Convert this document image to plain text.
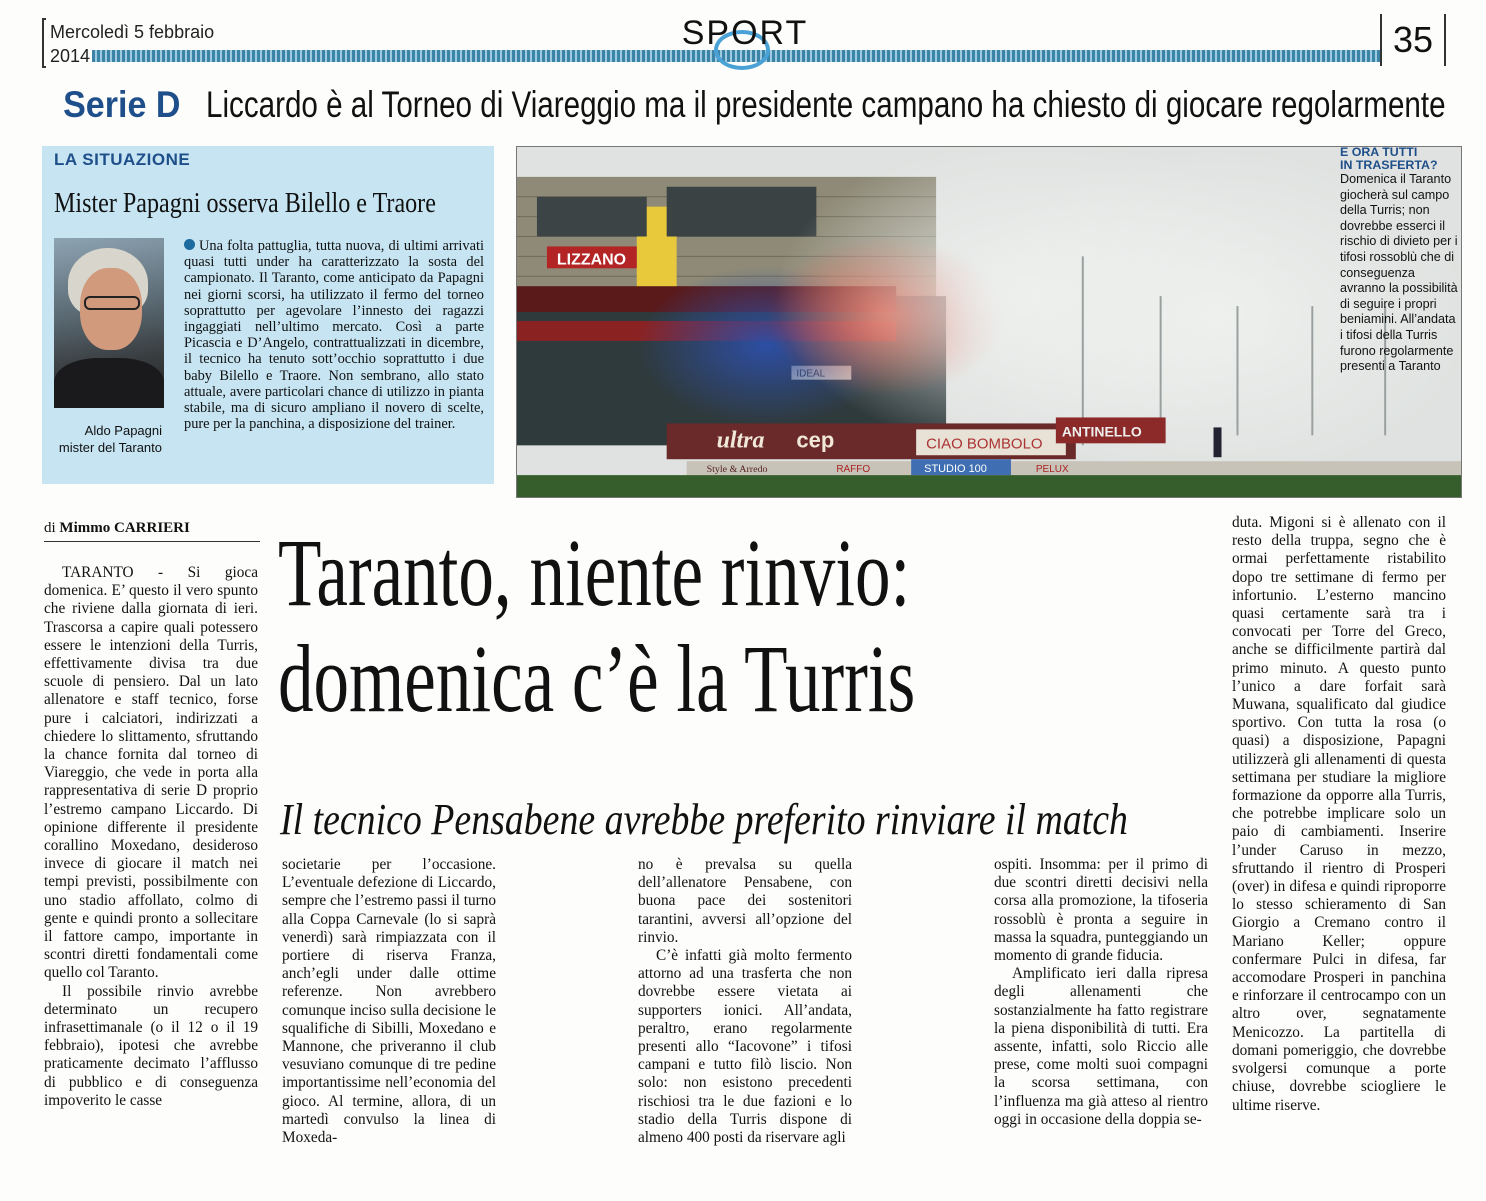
Mercoledì 5 febbraio
2014
SPORT	35
Serie D Liccardo è al Torneo di Viareggio ma il presidente campano ha chiesto di giocare regolarmente
LA SITUAZIONE
Mister Papagni osserva Bilello e Traore
Aldo Papagni
mister del Taranto
Una folta pattuglia, tutta nuova, di ultimi arrivati quasi tutti under ha caratterizzato la sosta del campionato. Il Taranto, come anticipato da Papagni nei giorni scorsi, ha utilizzato il fermo del torneo soprattutto per agevolare l’innesto dei ragazzi ingaggiati nell’ultimo mercato. Così a parte Picascia e D’Angelo, contrattualizzati in dicembre, il tecnico ha tenuto sott’occhio soprattutto i due baby Bilello e Traore. Non sembrano, allo stato attuale, avere particolari chance di utilizzo in pianta stabile, ma di sicuro ampliano il novero di scelte, pure per la panchina, a disposizione del trainer.
LIZZANO
ultra cep	CIAO BOMBOLO
ANTINELLO
Style & Arredo	STUDIO 100	PELUX
RAFFO
E ORA TUTTI
IN TRASFERTA?
Domenica il Taranto giocherà sul campo della Turris; non dovrebbe esserci il rischio di divieto per i tifosi rossoblù che di conseguenza avranno la possibilità di seguire i propri beniamini. All’andata i tifosi della Turris furono regolarmente presenti a Taranto
di Mimmo CARRIERI Taranto, niente rinvio:
domenica c’è la Turris
Il tecnico Pensabene avrebbe preferito rinviare il match

TARANTO - Si gioca domenica. E’ questo il vero spunto che riviene dalla giornata di ieri. Trascorsa a capire quali potessero essere le intenzioni della Turris, effettivamente divisa tra due scuole di pensiero. Dal un lato allenatore e staff tecnico, forse pure i calciatori, indirizzati a chiedere lo slittamento, sfruttando la chance fornita dal torneo di Viareggio, che vede in porta alla rappresentativa di serie D proprio l’estremo campano Liccardo. Di opinione differente il presidente corallino Moxedano, desideroso invece di giocare il match nei tempi previsti, possibilmente con uno stadio affollato, colmo di gente e quindi pronto a sollecitare il fattore campo, importante in scontri diretti fondamentali come quello col Taranto.

Il possibile rinvio avrebbe determinato un recupero infrasettimanale (o il 12 o il 19 febbraio), ipotesi che avrebbe praticamente decimato l’afflusso di pubblico e di conseguenza impoverito le casse

societarie per l’occasione. L’eventuale defezione di Liccardo, sempre che l’estremo passi il turno alla Coppa Carnevale (lo si saprà venerdì) sarà rimpiazzata con il portiere di riserva Franza, anch’egli under dalle ottime referenze. Non avrebbero comunque inciso sulla decisione le squalifiche di Sibilli, Moxedano e Mannone, che priveranno il club vesuviano comunque di tre pedine importantissime nell’economia del gioco. Al termine, allora, di un martedì convulso la linea di Moxeda-

no è prevalsa su quella dell’allenatore Pensabene, con buona pace dei sostenitori tarantini, avversi all’opzione del rinvio.

C’è infatti già molto fermento attorno ad una trasferta che non dovrebbe essere vietata ai supporters ionici. All’andata, peraltro, erano regolarmente presenti allo “Iacovone” i tifosi campani e tutto filò liscio. Non solo: non esistono precedenti rischiosi tra le due fazioni e lo stadio della Turris dispone di almeno 400 posti da riservare agli

ospiti. Insomma: per il primo di due scontri diretti decisivi nella corsa alla promozione, la tifoseria rossoblù è pronta a seguire in massa la squadra, punteggiando un momento di grande fiducia.

Amplificato ieri dalla ripresa degli allenamenti che sostanzialmente ha fatto registrare la piena disponibilità di tutti. Era assente, infatti, solo Riccio alle prese, come molti suoi compagni la scorsa settimana, con l’influenza ma già atteso al rientro oggi in occasione della doppia se-

duta. Migoni si è allenato con il resto della truppa, segno che è ormai perfettamente ristabilito dopo tre settimane di fermo per infortunio. L’esterno mancino quasi certamente sarà tra i convocati per Torre del Greco, anche se difficilmente partirà dal primo minuto. A questo punto l’unico a dare forfait sarà Muwana, squalificato dal giudice sportivo. Con tutta la rosa (o quasi) a disposizione, Papagni utilizzerà gli allenamenti di questa settimana per studiare la migliore formazione da opporre alla Turris, che potrebbe implicare solo un paio di cambiamenti. Inserire l’under Caruso in mezzo, sfruttando il rientro di Prosperi (over) in difesa e quindi riproporre lo stesso schieramento di San Giorgio a Cremano contro il Mariano Keller; oppure confermare Pulci in difesa, far accomodare Prosperi in panchina e rinforzare il centrocampo con un altro over, segnatamente Menicozzo. La partitella di domani pomeriggio, che dovrebbe svolgersi comunque a porte chiuse, dovrebbe sciogliere le ultime riserve.
